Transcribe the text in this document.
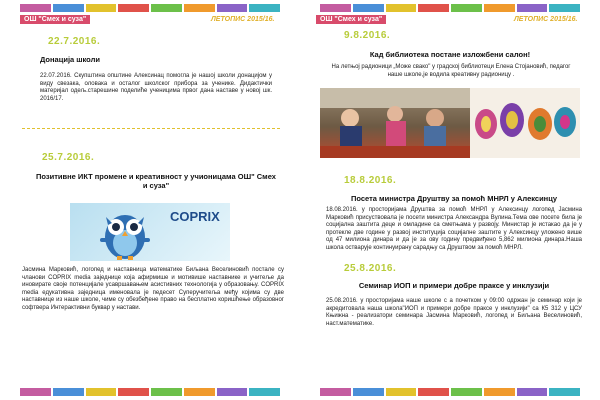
ОШ "Смех и суза"	ЛЕТОПИС 2015/16.
22.7.2016.
Донација школи
22.07.2016. Скупштина општине Алексинац помогла је нашој школи донацијом у виду свезака, оловака и осталог школског прибора за ученике. Дидактички материјал одељ.старешине поделиће ученицима првог дана наставе у новој шк. 2016/17.
25.7.2016.
Позитивне ИКТ промене и креативност у учионицама ОШ" Смех и суза"
COPRIX
Јасмина Марковић, логопед и наставница математике Биљана Веселиновић постале су чланови COPRIX media заједнице која афирмише и мотивише наставнике и учитеље да иновирате своје потенцијале усавршавањем асистивних технологија у образовању. COPRIX media едукативна заједница именовала је педесет Суперучитеља међу којима су две наставнице из наше школе, чиме су обезбеђене право на бесплатно коришћење образовног софтвера Интерактивни буквар у настави.
ОШ "Смех и суза"	ЛЕТОПИС 2015/16.
9.8.2016.
Кад библиотека постане изложбени салон!
На летњој радионици „Може свако" у градској библиотеци Елена Стојановић, педагог наше школе,је водила креативну радионицу .
18.8.2016.
Посета министра Друштву за помоћ МНРЛ у Алексинцу
18.08.2016. у просторијама Друштва за помоћ МНРЛ у Алексинцу логопед Јасмина Марковић присуствовала је посети министра Александра Вулина.Тема ове посете била је социјална заштита деце и омладине са сметњама у развоју. Министар је истакао да је у протекле две године у развој институција социјалне заштите у Алексинцу уложено више од 47 милиона динара и да је за ову годину предвиђено 5,862 милиона динара.Наша школа остварује континуирану сарадњу са Друштвом за помоћ МНРЛ.
25.8.2016.
Семинар ИОП и примери добре праксе у инклузији
25.08.2016. у просторијама наше школе с а почетком у 09:00 одржан је семинар који је акредитовала наша школа"ИОП и примери добре праксе у инклузији" са К5 312 у ЦСУ Књижна - реализатори семинара Јасмина Марковић, логопед и Биљана Веселиновић, наст.математике.
